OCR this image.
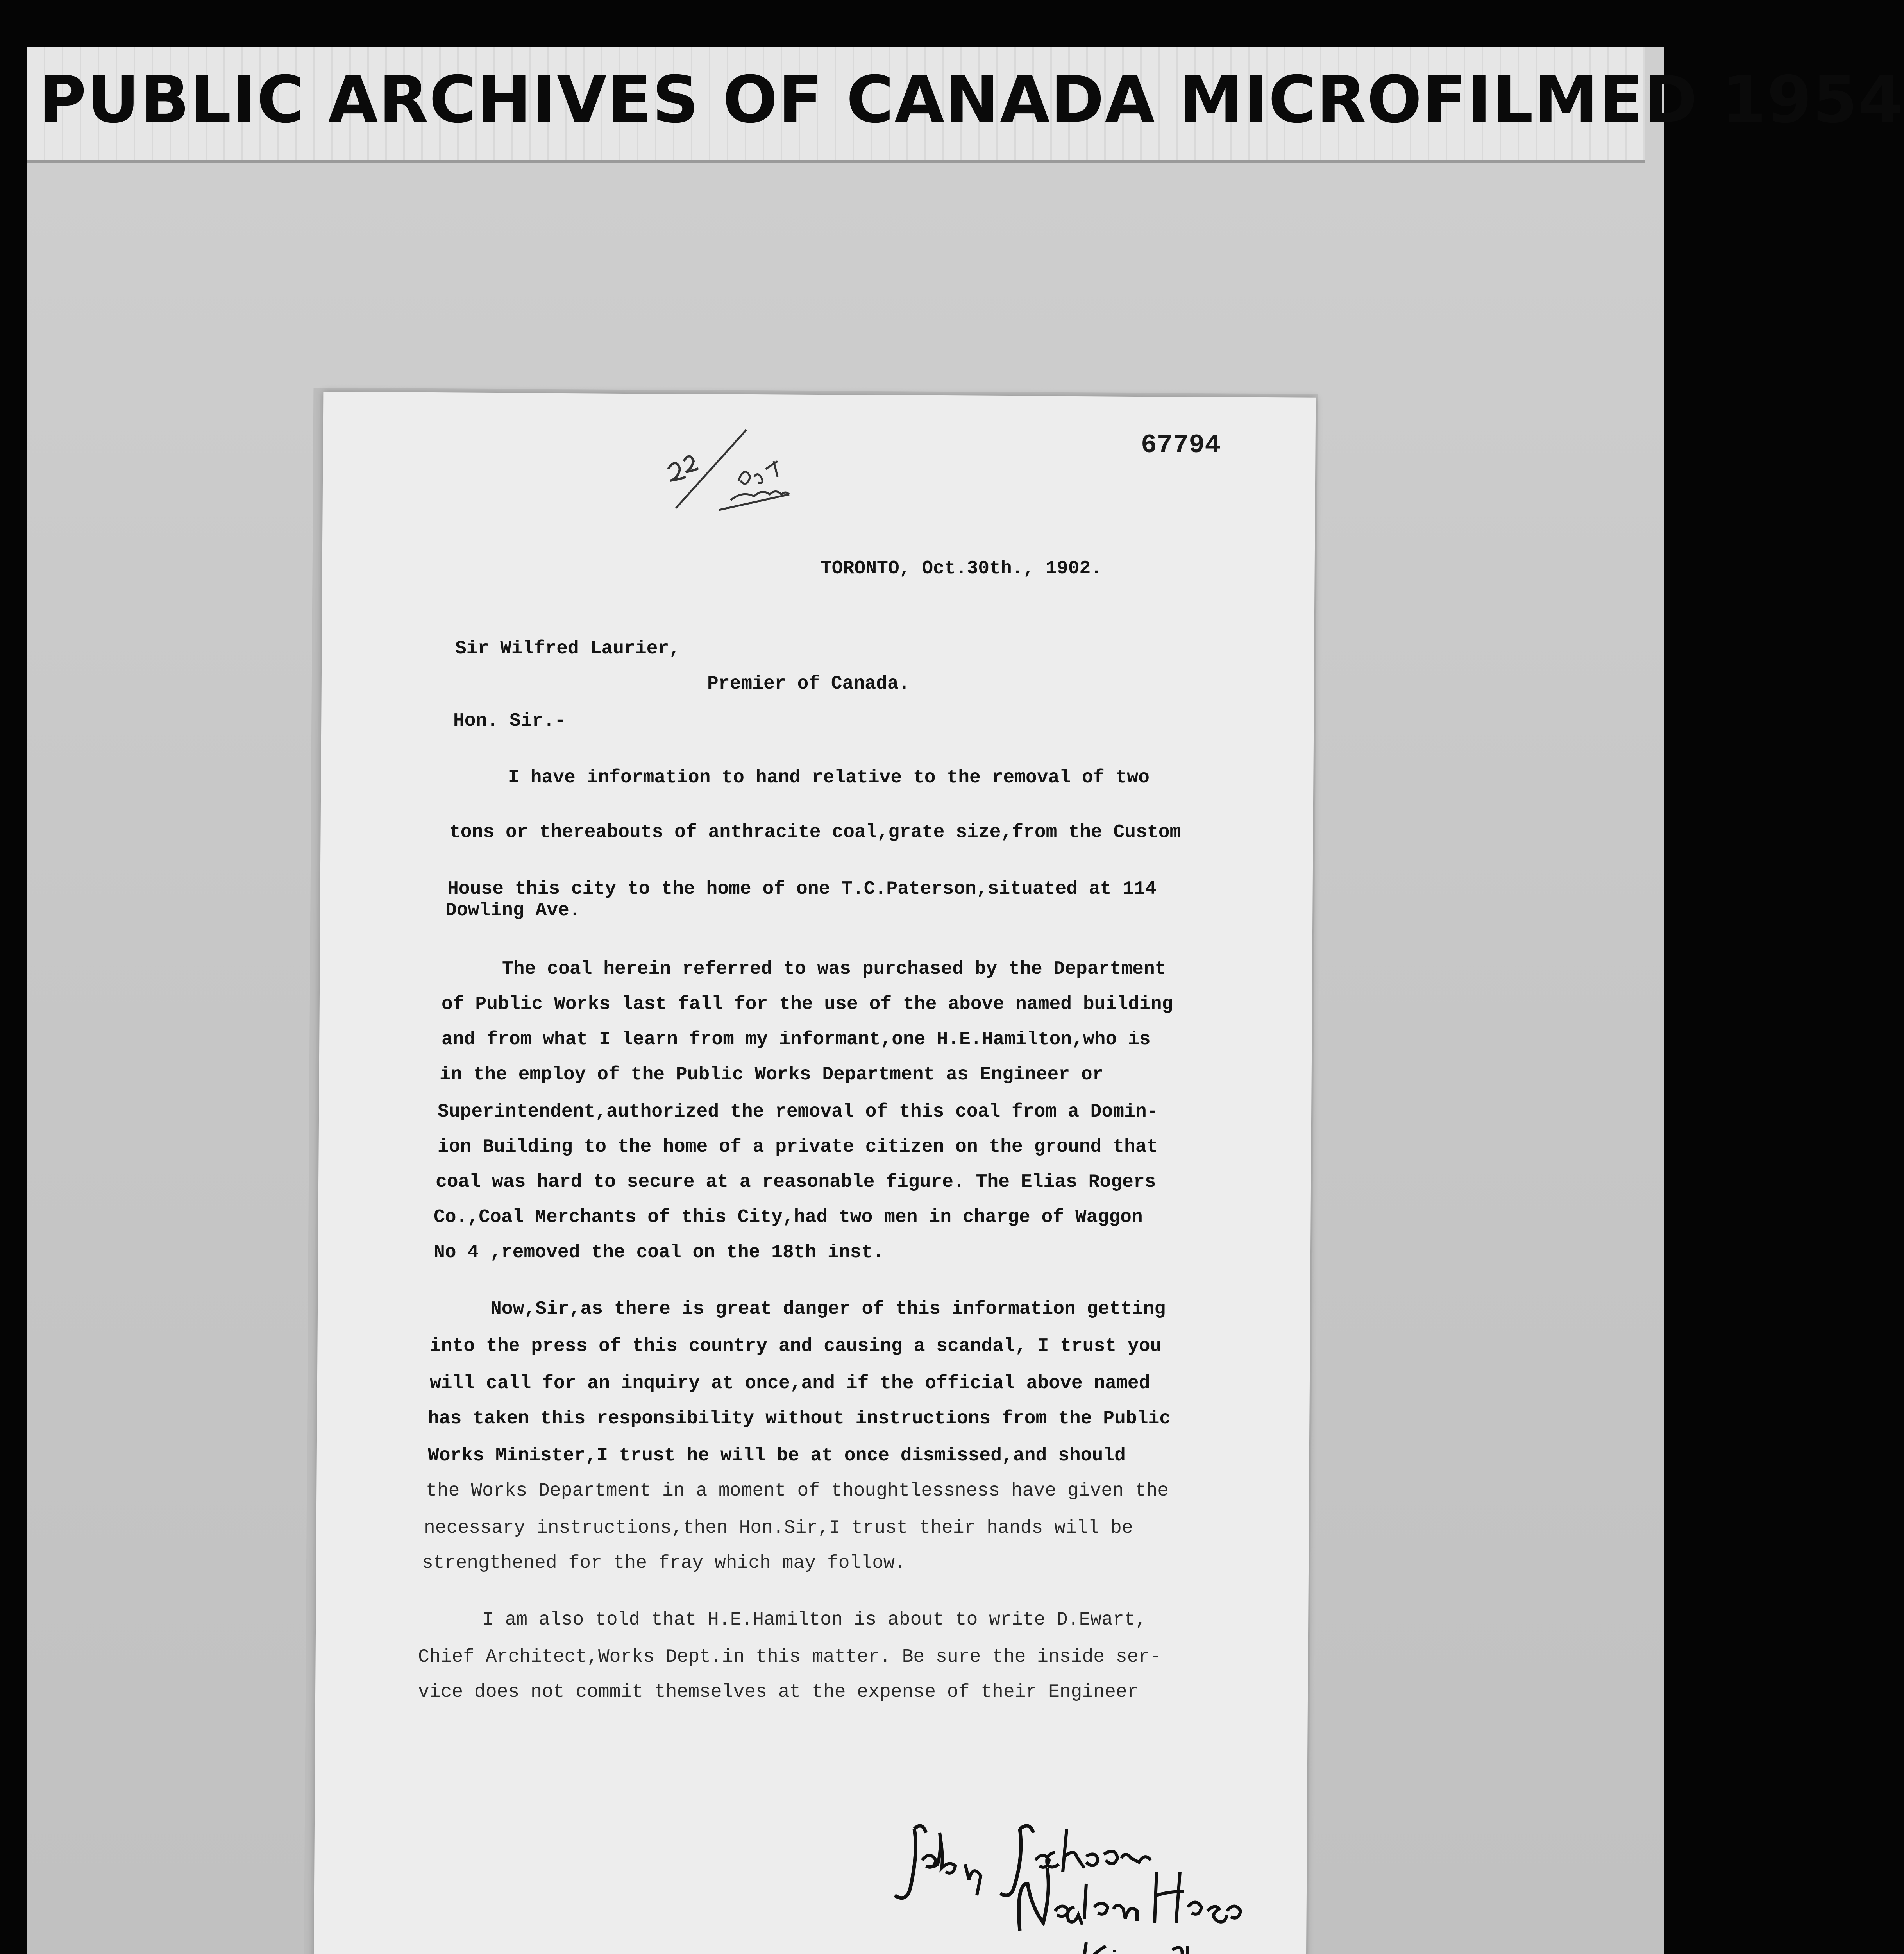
PUBLIC ARCHIVES OF CANADA MICROFILMED 1954
67794
TORONTO, Oct.30th., 1902.
Sir Wilfred Laurier,
Premier of Canada.
Hon. Sir.-
I have information to hand relative to the removal of two
tons or thereabouts of anthracite coal,grate size,from the Custom
House this city to the home of one T.C.Paterson,situated at 114
Dowling Ave.
The coal herein referred to was purchased by the Department
of Public Works last fall for the use of the above named building
and from what I learn from my informant,one H.E.Hamilton,who is
in the employ of the Public Works Department as Engineer or
Superintendent,authorized the removal of this coal from a Domin-
ion Building to the home of a private citizen on the ground that
coal was hard to secure at a reasonable figure. The Elias Rogers
Co.,Coal Merchants of this City,had two men in charge of Waggon
No 4 ,removed the coal on the 18th inst.
Now,Sir,as there is great danger of this information getting
into the press of this country and causing a scandal, I trust you
will call for an inquiry at once,and if the official above named
has taken this responsibility without instructions from the Public
Works Minister,I trust he will be at once dismissed,and should
the Works Department in a moment of thoughtlessness have given the
necessary instructions,then Hon.Sir,I trust their hands will be
strengthened for the fray which may follow.
I am also told that H.E.Hamilton is about to write D.Ewart,
Chief Architect,Works Dept.in this matter. Be sure the inside ser-
vice does not commit themselves at the expense of their Engineer
